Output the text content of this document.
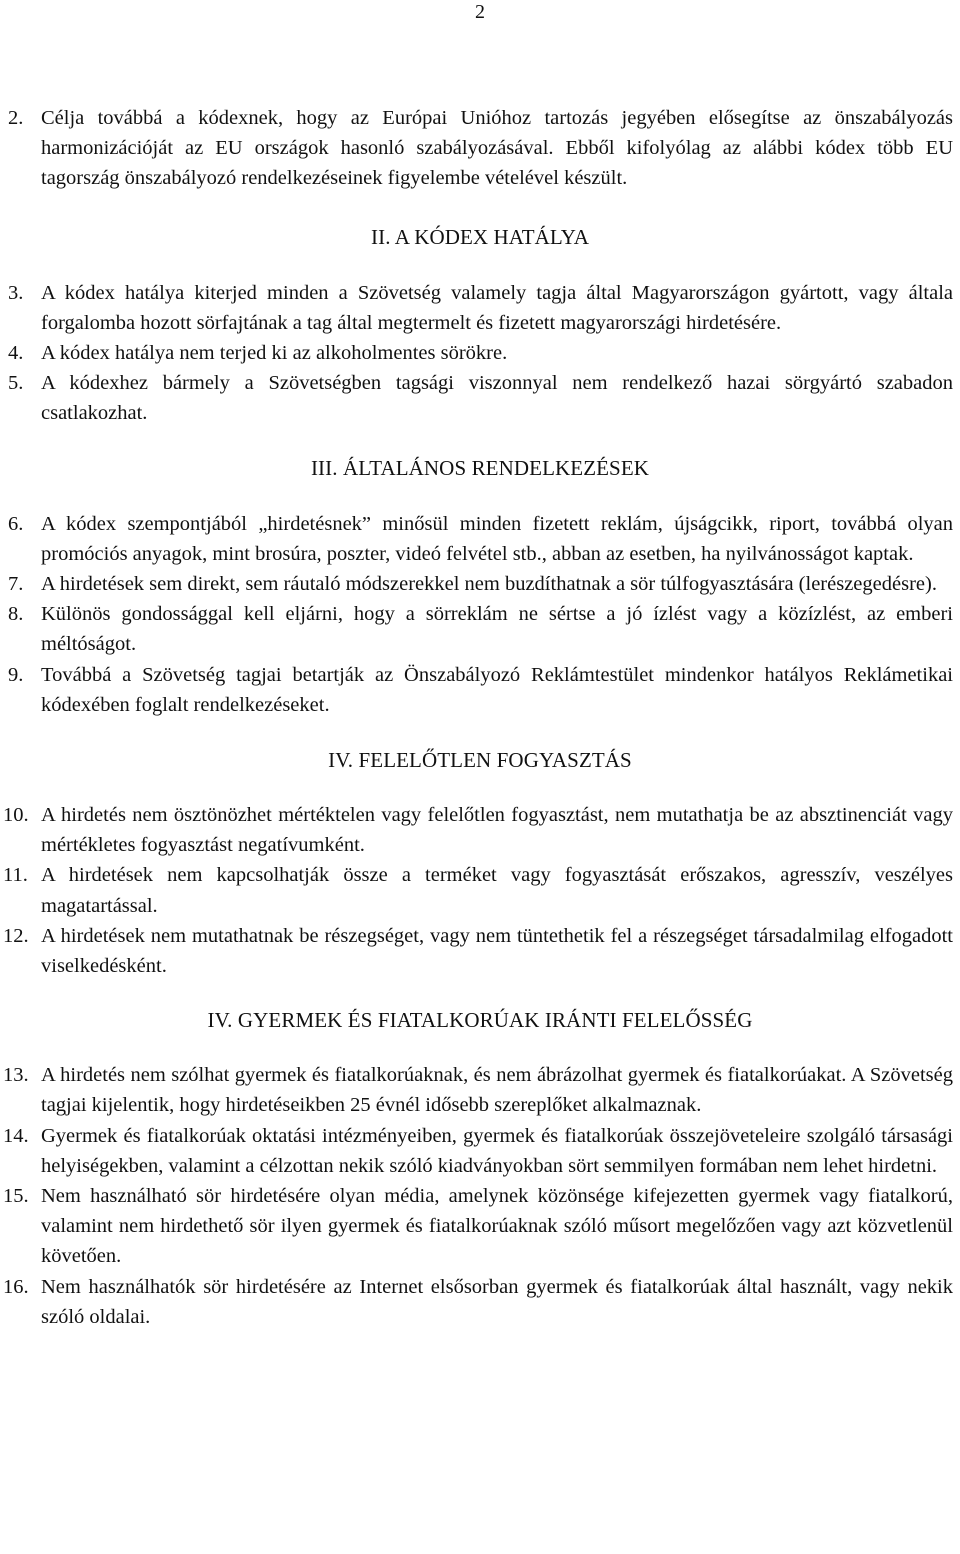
2
2. Célja továbbá a kódexnek, hogy az Európai Unióhoz tartozás jegyében elősegítse az önszabályozás harmonizációját az EU országok hasonló szabályozásával. Ebből kifolyólag az alábbi kódex több EU tagország önszabályozó rendelkezéseinek figyelembe vételével készült.
II. A KÓDEX HATÁLYA
3. A kódex hatálya kiterjed minden a Szövetség valamely tagja által Magyarországon gyártott, vagy általa forgalomba hozott sörfajtának a tag által megtermelt és fizetett magyarországi hirdetésére.
4. A kódex hatálya nem terjed ki az alkoholmentes sörökre.
5. A kódexhez bármely a Szövetségben tagsági viszonnyal nem rendelkező hazai sörgyártó szabadon csatlakozhat.
III. ÁLTALÁNOS RENDELKEZÉSEK
6. A kódex szempontjából „hirdetésnek” minősül minden fizetett reklám, újságcikk, riport, továbbá olyan promóciós anyagok, mint brosúra, poszter, videó felvétel stb., abban az esetben, ha nyilvánosságot kaptak.
7. A hirdetések sem direkt, sem ráutaló módszerekkel nem buzdíthatnak a sör túlfogyasztására (lerészegedésre).
8. Különös gondossággal kell eljárni, hogy a sörreklám ne sértse a jó ízlést vagy a közízlést, az emberi méltóságot.
9. Továbbá a Szövetség tagjai betartják az Önszabályozó Reklámtestület mindenkor hatályos Reklámetikai kódexében foglalt rendelkezéseket.
IV. FELELŐTLEN FOGYASZTÁS
10. A hirdetés nem ösztönözhet mértéktelen vagy felelőtlen fogyasztást, nem mutathatja be az absztinenciát vagy mértékletes fogyasztást negatívumként.
11. A hirdetések nem kapcsolhatják össze a terméket vagy fogyasztását erőszakos, agresszív, veszélyes magatartással.
12. A hirdetések nem mutathatnak be részegséget, vagy nem tüntethetik fel a részegséget társadalmilag elfogadott viselkedésként.
IV. GYERMEK ÉS FIATALKORÚAK IRÁNTI FELELŐSSÉG
13. A hirdetés nem szólhat gyermek és fiatalkorúaknak, és nem ábrázolhat gyermek és fiatalkorúakat. A Szövetség tagjai kijelentik, hogy hirdetéseikben 25 évnél idősebb szereplőket alkalmaznak.
14. Gyermek és fiatalkorúak oktatási intézményeiben, gyermek és fiatalkorúak összejöveteleire szolgáló társasági helyiségekben, valamint a célzottan nekik szóló kiadványokban sört semmilyen formában nem lehet hirdetni.
15. Nem használható sör hirdetésére olyan média, amelynek közönsége kifejezetten gyermek vagy fiatalkorú, valamint nem hirdethető sör ilyen gyermek és fiatalkorúaknak szóló műsort megelőzően vagy azt közvetlenül követően.
16. Nem használhatók sör hirdetésére az Internet elsősorban gyermek és fiatalkorúak által használt, vagy nekik szóló oldalai.
